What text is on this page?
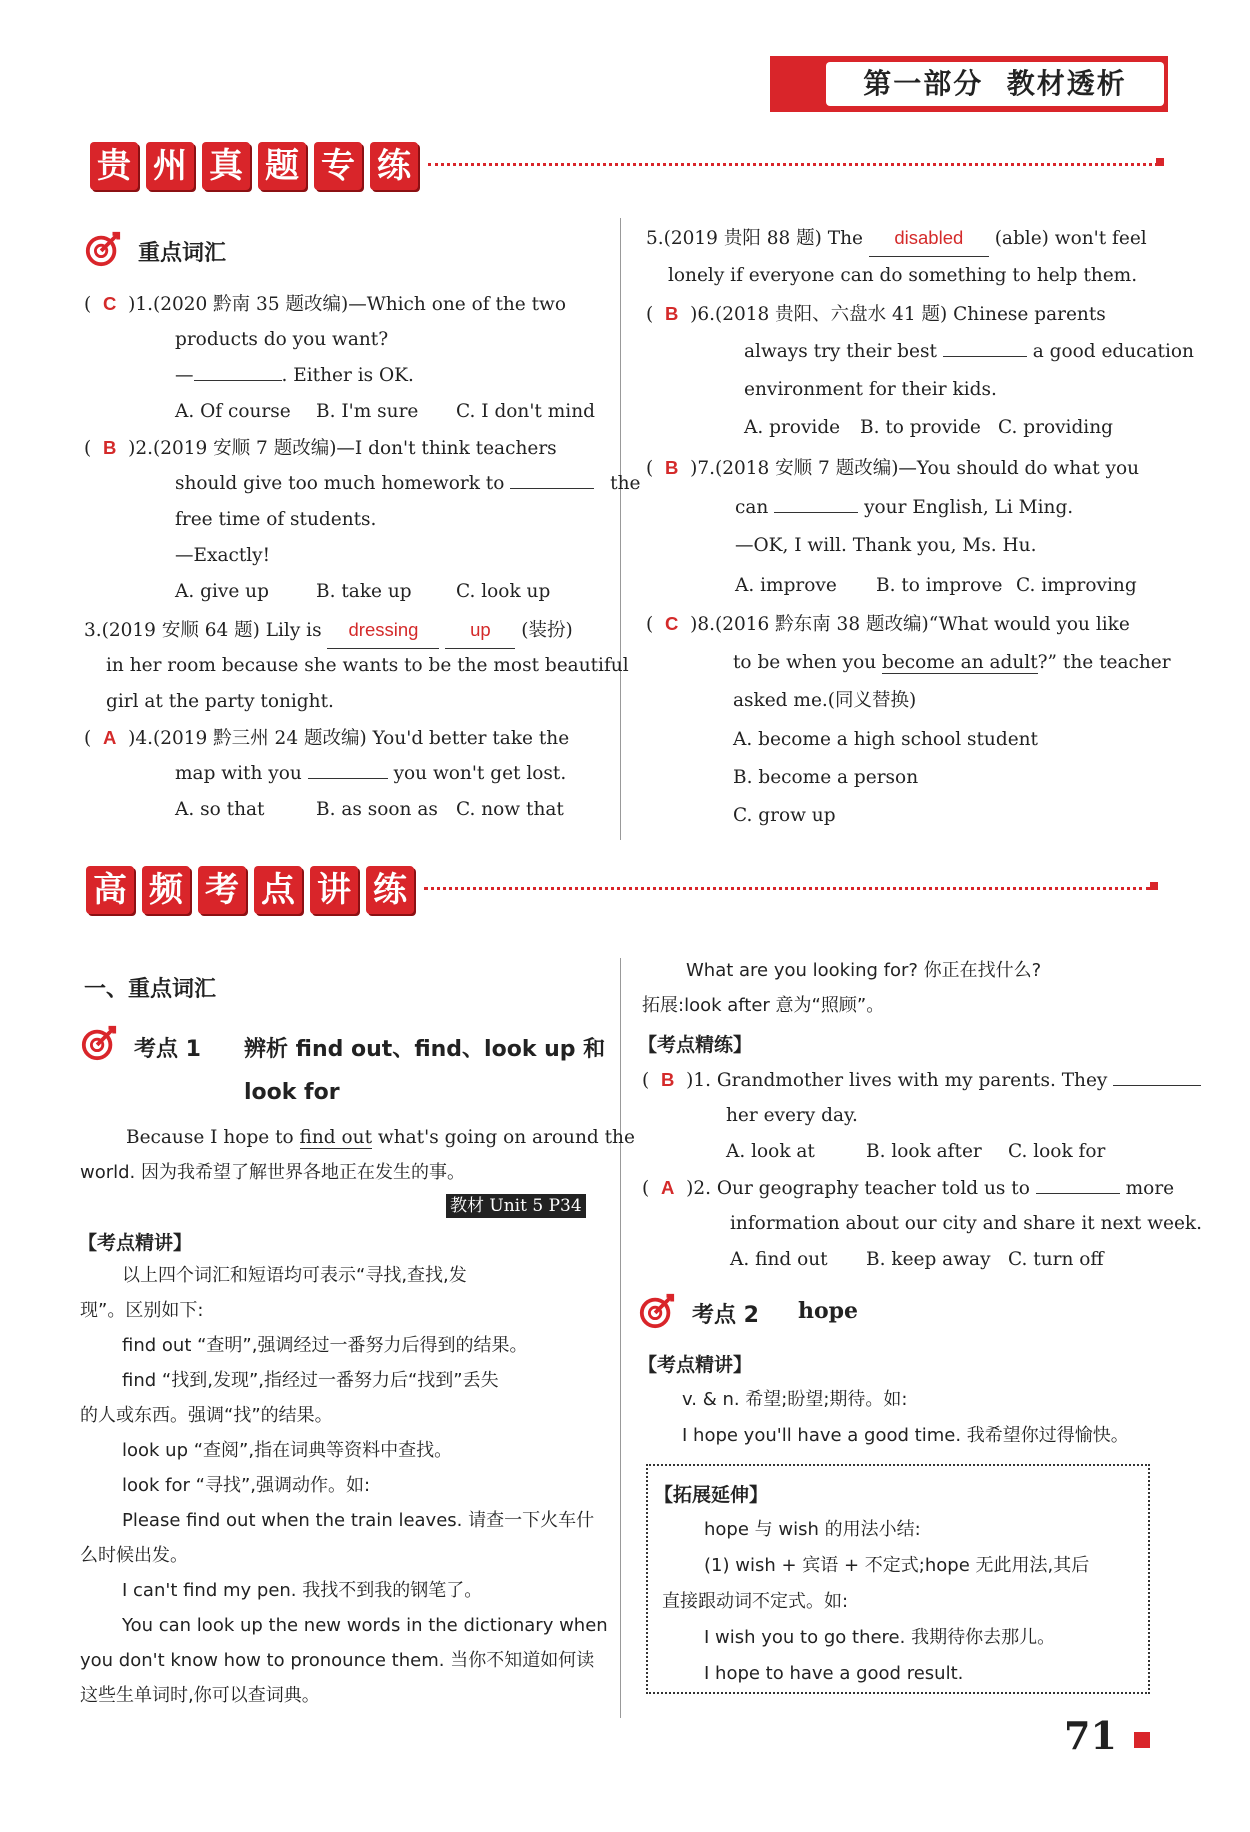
第一部分  教材透析
贵 州 真 题 专 练
重点词汇
(  C )1.(2020 黔南 35 题改编)—Which one of the two
products do you want?
—	. Either is OK.
A. Of course B. I'm sure C. I don't mind
(  B )2.(2019 安顺 7 题改编)—I don't think teachers
should give too much homework to	the
free time of students.
—Exactly!
A. give up	B. take up C. look up
3.(2019 安顺 64 题) Lily is dressing	up (装扮)
in her room because she wants to be the most beautiful
girl at the party tonight.
(  A )4.(2019 黔三州 24 题改编) You'd better take the
map with you	you won't get lost.
A. so that	B. as soon as C. now that
5.(2019 贵阳 88 题) The disabled (able) won't feel
lonely if everyone can do something to help them.
(  B )6.(2018 贵阳、六盘水 41 题) Chinese parents
always try their best	a good education
environment for their kids.
A. provide B. to provide C. providing
(  B )7.(2018 安顺 7 题改编)—You should do what you
can	your English, Li Ming.
—OK, I will. Thank you, Ms. Hu.
A. improve B. to improve C. improving
(  C )8.(2016 黔东南 38 题改编)“What would you like
to be when you become an adult?” the teacher
asked me.(同义替换)
A. become a high school student
B. become a person
C. grow up
高 频 考 点 讲 练
一、重点词汇
考点 1 辨析 find out、find、look up 和
look for
Because I hope to find out what's going on around the
world. 因为我希望了解世界各地正在发生的事。
教材 Unit 5 P34
【考点精讲】
以上四个词汇和短语均可表示“寻找,查找,发
现”。区别如下:
find out “查明”,强调经过一番努力后得到的结果。
find “找到,发现”,指经过一番努力后“找到”丢失
的人或东西。强调“找”的结果。
look up “查阅”,指在词典等资料中查找。
look for “寻找”,强调动作。如:
Please find out when the train leaves. 请查一下火车什
么时候出发。
I can't find my pen. 我找不到我的钢笔了。
You can look up the new words in the dictionary when
you don't know how to pronounce them. 当你不知道如何读
这些生单词时,你可以查词典。
What are you looking for? 你正在找什么?
拓展:look after 意为“照顾”。
【考点精练】
(  B )1. Grandmother lives with my parents. They
her every day.
A. look at	B. look after C. look for
(  A )2. Our geography teacher told us to	more
information about our city and share it next week.
A. find out B. keep away C. turn off
考点 2 hope
【考点精讲】
v. & n. 希望;盼望;期待。如:
I hope you'll have a good time. 我希望你过得愉快。
【拓展延伸】
hope 与 wish 的用法小结:
(1) wish + 宾语 + 不定式;hope 无此用法,其后
直接跟动词不定式。如:
I wish you to go there. 我期待你去那儿。
I hope to have a good result.
71
